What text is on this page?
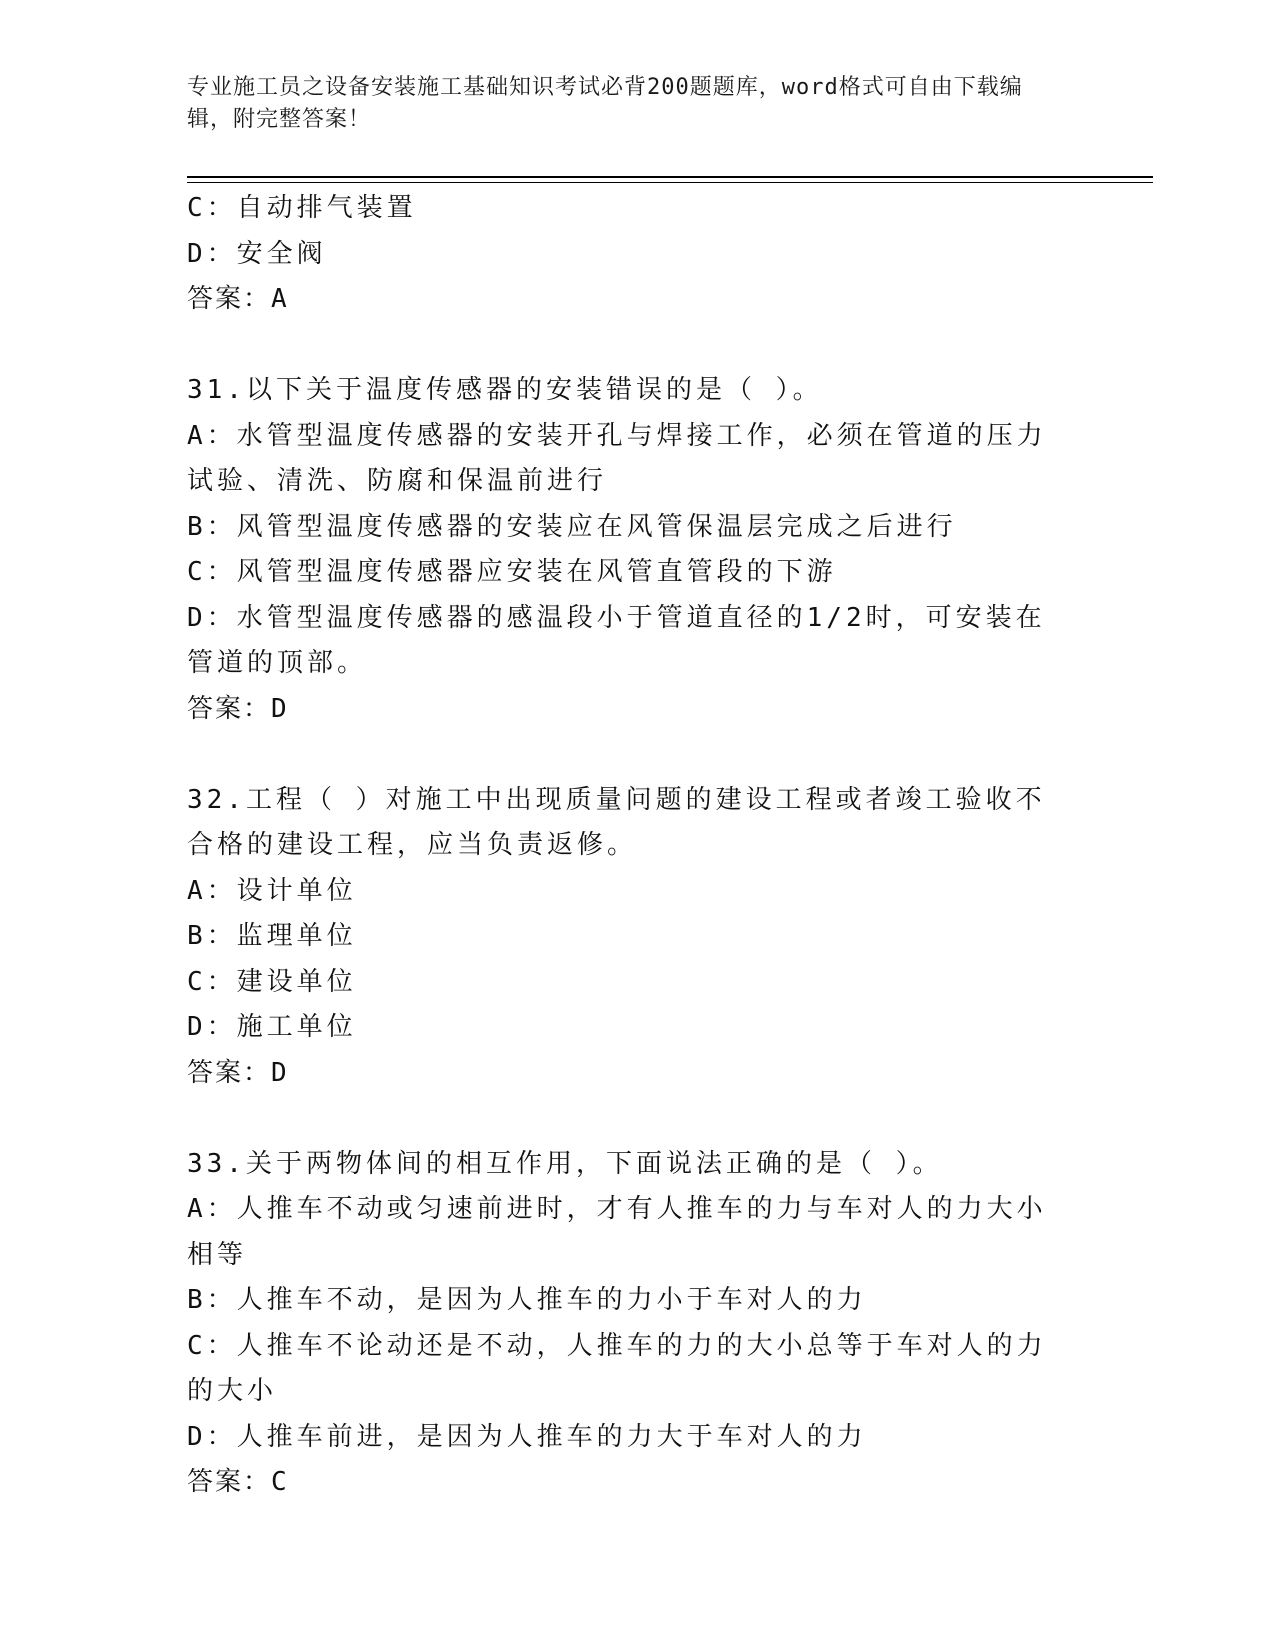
专业施工员之设备安装施工基础知识考试必背200题题库，word格式可自由下载编辑，附完整答案！

C：自动排气装置

D：安全阀

答案：A

31.以下关于温度传感器的安装错误的是（ ）。

A：水管型温度传感器的安装开孔与焊接工作，必须在管道的压力试验、清洗、防腐和保温前进行

B：风管型温度传感器的安装应在风管保温层完成之后进行

C：风管型温度传感器应安装在风管直管段的下游

D：水管型温度传感器的感温段小于管道直径的1/2时，可安装在管道的顶部。

答案：D

32.工程（ ）对施工中出现质量问题的建设工程或者竣工验收不合格的建设工程，应当负责返修。

A：设计单位

B：监理单位

C：建设单位

D：施工单位

答案：D

33.关于两物体间的相互作用，下面说法正确的是（ ）。

A：人推车不动或匀速前进时，才有人推车的力与车对人的力大小相等

B：人推车不动，是因为人推车的力小于车对人的力

C：人推车不论动还是不动，人推车的力的大小总等于车对人的力的大小

D：人推车前进，是因为人推车的力大于车对人的力

答案：C
